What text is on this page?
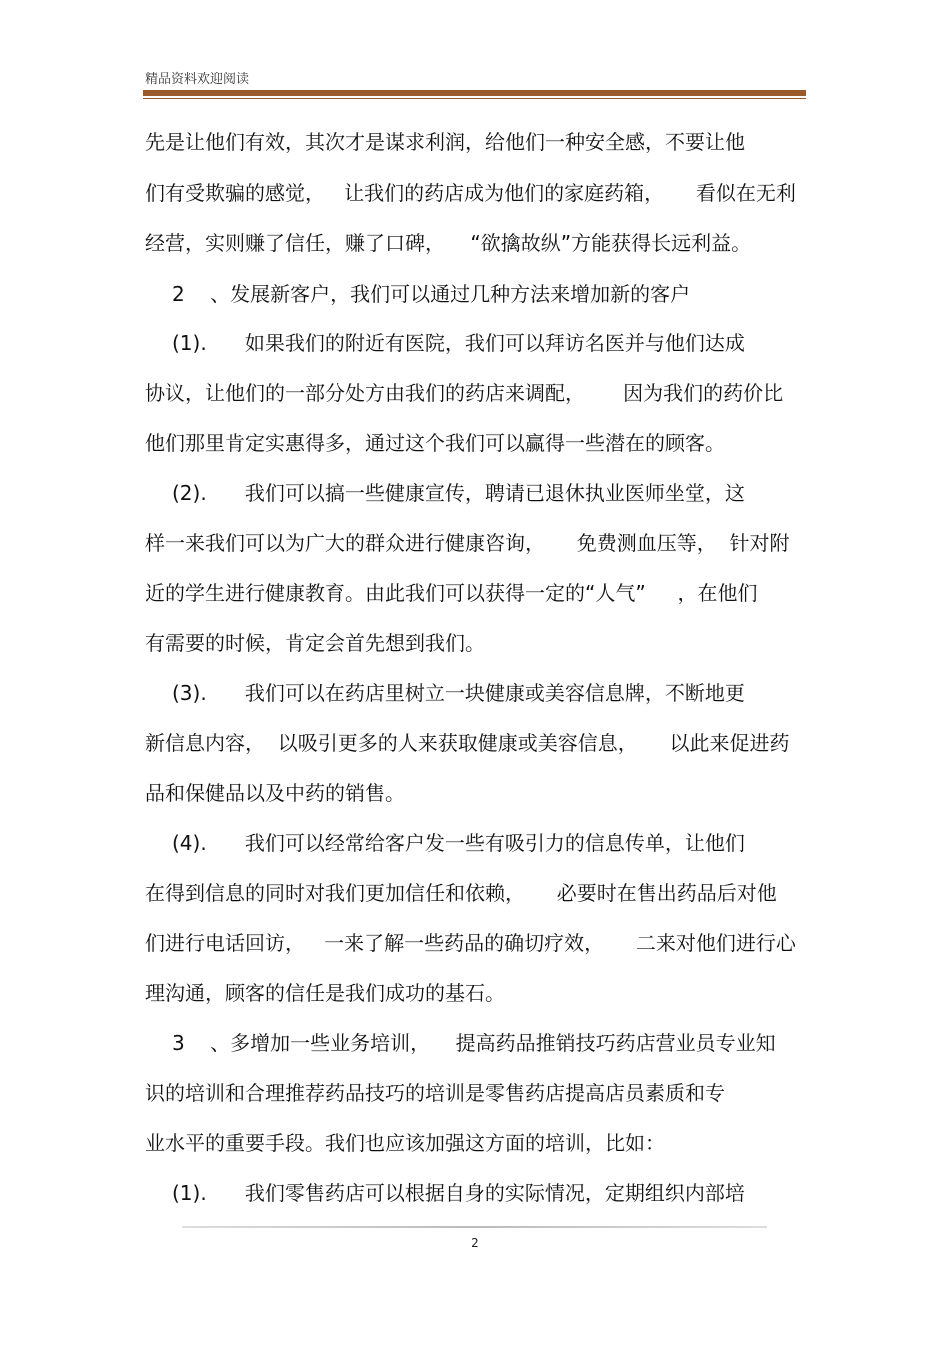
精品资料欢迎阅读
先是让他们有效，其次才是谋求利润，给他们一种安全感，不要让他
们有受欺骗的感觉，   让我们的药店成为他们的家庭药箱，     看似在无利
经营，实则赚了信任，赚了口碑，    “欲擒故纵”方能获得长远利益。
2    、发展新客户，我们可以通过几种方法来增加新的客户
(1).      如果我们的附近有医院，我们可以拜访名医并与他们达成
协议，让他们的一部分处方由我们的药店来调配，      因为我们的药价比
他们那里肯定实惠得多，通过这个我们可以赢得一些潜在的顾客。
(2).      我们可以搞一些健康宣传，聘请已退休执业医师坐堂，这
样一来我们可以为广大的群众进行健康咨询，     免费测血压等，  针对附
近的学生进行健康教育。由此我们可以获得一定的“人气”     ，在他们
有需要的时候，肯定会首先想到我们。
(3).      我们可以在药店里树立一块健康或美容信息牌，不断地更
新信息内容，  以吸引更多的人来获取健康或美容信息，     以此来促进药
品和保健品以及中药的销售。
(4).      我们可以经常给客户发一些有吸引力的信息传单，让他们
在得到信息的同时对我们更加信任和依赖，     必要时在售出药品后对他
们进行电话回访，   一来了解一些药品的确切疗效，     二来对他们进行心
理沟通，顾客的信任是我们成功的基石。
3    、多增加一些业务培训，    提高药品推销技巧药店营业员专业知
识的培训和合理推荐药品技巧的培训是零售药店提高店员素质和专
业水平的重要手段。我们也应该加强这方面的培训，比如：
(1).      我们零售药店可以根据自身的实际情况，定期组织内部培
2
